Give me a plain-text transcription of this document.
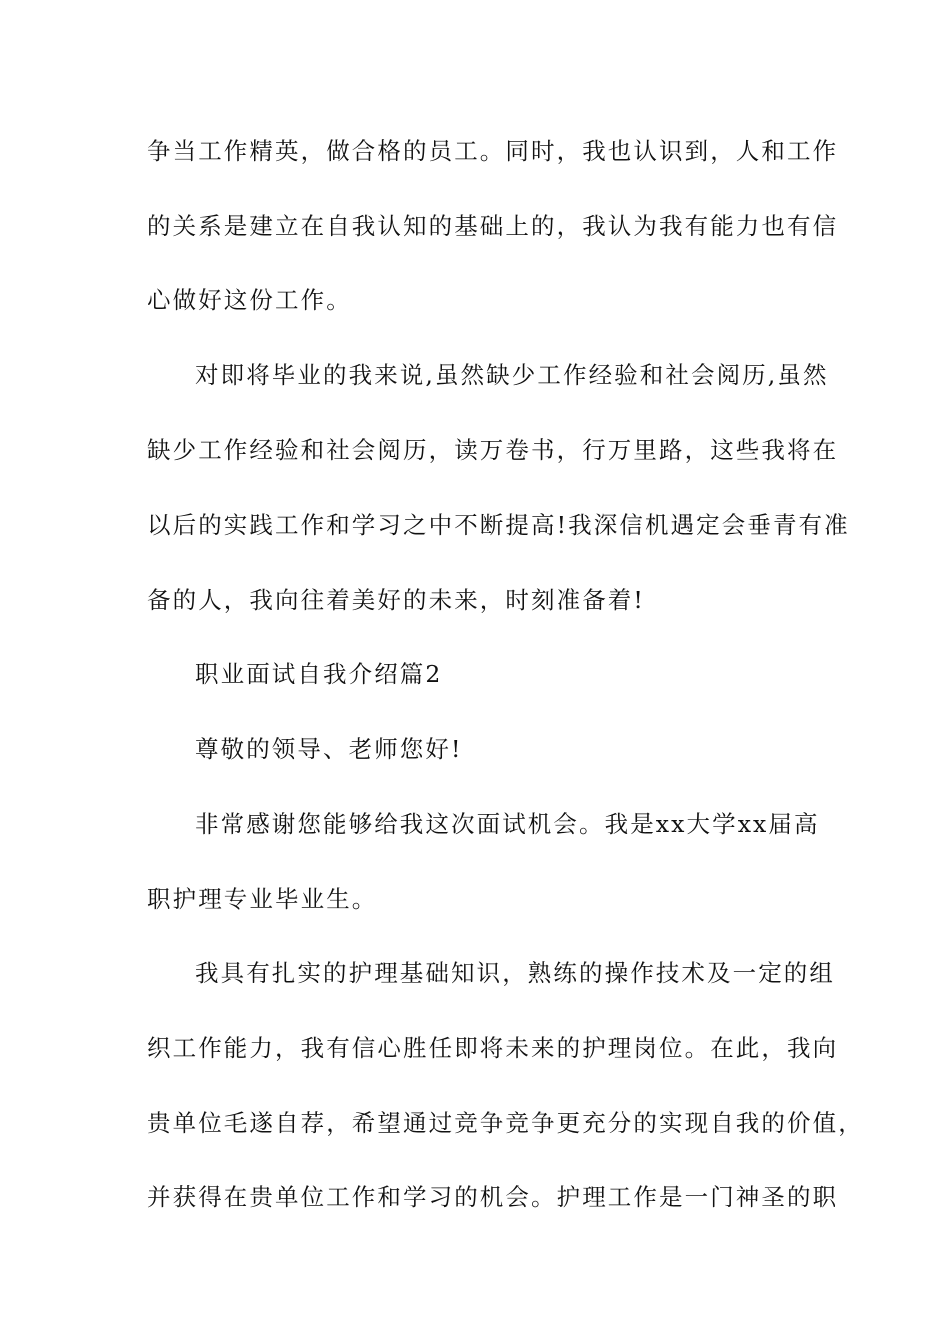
争当工作精英，做合格的员工。同时，我也认识到，人和工作
的关系是建立在自我认知的基础上的，我认为我有能力也有信
心做好这份工作。
对即将毕业的我来说,虽然缺少工作经验和社会阅历,虽然
缺少工作经验和社会阅历，读万卷书，行万里路，这些我将在
以后的实践工作和学习之中不断提高!我深信机遇定会垂青有准
备的人，我向往着美好的未来，时刻准备着!
职业面试自我介绍篇2
尊敬的领导、老师您好!
非常感谢您能够给我这次面试机会。我是xx大学xx届高
职护理专业毕业生。
我具有扎实的护理基础知识，熟练的操作技术及一定的组
织工作能力，我有信心胜任即将未来的护理岗位。在此，我向
贵单位毛遂自荐，希望通过竞争竞争更充分的实现自我的价值，
并获得在贵单位工作和学习的机会。护理工作是一门神圣的职
